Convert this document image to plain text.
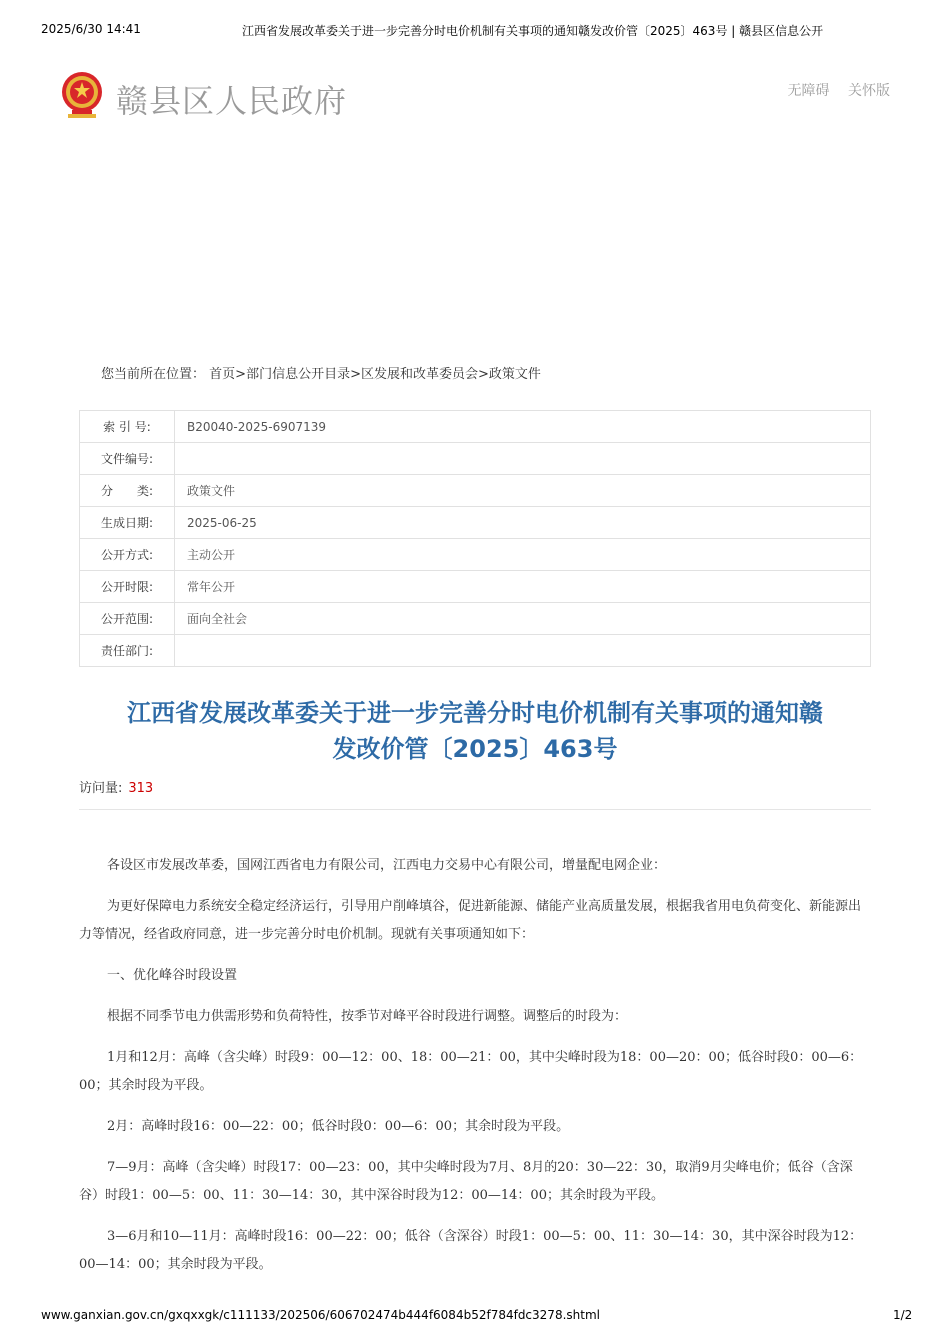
2025/6/30 14:41	江西省发展改革委关于进一步完善分时电价机制有关事项的通知赣发改价管〔2025〕463号 | 赣县区信息公开
赣县区人民政府	无障碍 关怀版
您当前所在位置： 首页>部门信息公开目录>区发展和改革委员会>政策文件
索 引 号:	B20040-2025-6907139
文件编号:	
分　　类:	政策文件
生成日期:	2025-06-25
公开方式:	主动公开
公开时限:	常年公开
公开范围:	面向全社会
责任部门:	
江西省发展改革委关于进一步完善分时电价机制有关事项的通知赣
发改价管〔2025〕463号
访问量: 313

各设区市发展改革委，国网江西省电力有限公司，江西电力交易中心有限公司，增量配电网企业：

为更好保障电力系统安全稳定经济运行，引导用户削峰填谷，促进新能源、储能产业高质量发展，根据我省用电负荷变化、新能源出力等情况，经省政府同意，进一步完善分时电价机制。现就有关事项通知如下：

一、优化峰谷时段设置

根据不同季节电力供需形势和负荷特性，按季节对峰平谷时段进行调整。调整后的时段为：

1月和12月：高峰（含尖峰）时段9：00—12：00、18：00—21：00，其中尖峰时段为18：00—20：00；低谷时段0：00—6：00；其余时段为平段。

2月：高峰时段16：00—22：00；低谷时段0：00—6：00；其余时段为平段。

7—9月：高峰（含尖峰）时段17：00—23：00，其中尖峰时段为7月、8月的20：30—22：30，取消9月尖峰电价；低谷（含深谷）时段1：00—5：00、11：30—14：30，其中深谷时段为12：00—14：00；其余时段为平段。

3—6月和10—11月：高峰时段16：00—22：00；低谷（含深谷）时段1：00—5：00、11：30—14：30，其中深谷时段为12：00—14：00；其余时段为平段。

www.ganxian.gov.cn/gxqxxgk/c111133/202506/606702474b444f6084b52f784fdc3278.shtml	1/2
